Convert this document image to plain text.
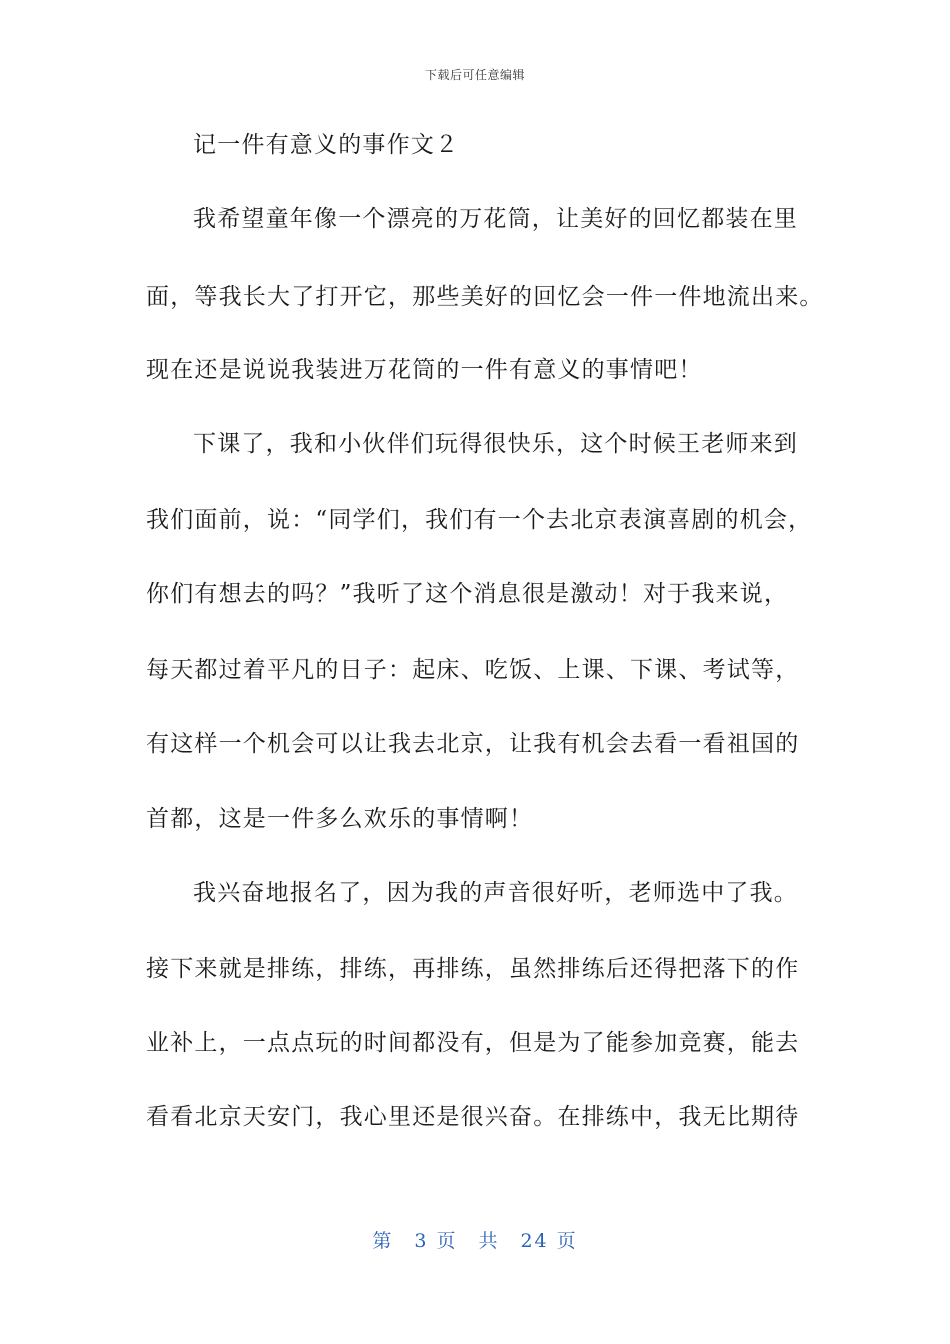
下载后可任意编辑
记一件有意义的事作文２
我希望童年像一个漂亮的万花筒，让美好的回忆都装在里
面，等我长大了打开它，那些美好的回忆会一件一件地流出来。
现在还是说说我装进万花筒的一件有意义的事情吧！
下课了，我和小伙伴们玩得很快乐，这个时候王老师来到
我们面前，说：“同学们，我们有一个去北京表演喜剧的机会，
你们有想去的吗？”我听了这个消息很是激动！对于我来说，
每天都过着平凡的日子：起床、吃饭、上课、下课、考试等，
有这样一个机会可以让我去北京，让我有机会去看一看祖国的
首都，这是一件多么欢乐的事情啊！
我兴奋地报名了，因为我的声音很好听，老师选中了我。
接下来就是排练，排练，再排练，虽然排练后还得把落下的作
业补上，一点点玩的时间都没有，但是为了能参加竞赛，能去
看看北京天安门，我心里还是很兴奋。在排练中，我无比期待
第　3 页　共　24 页
